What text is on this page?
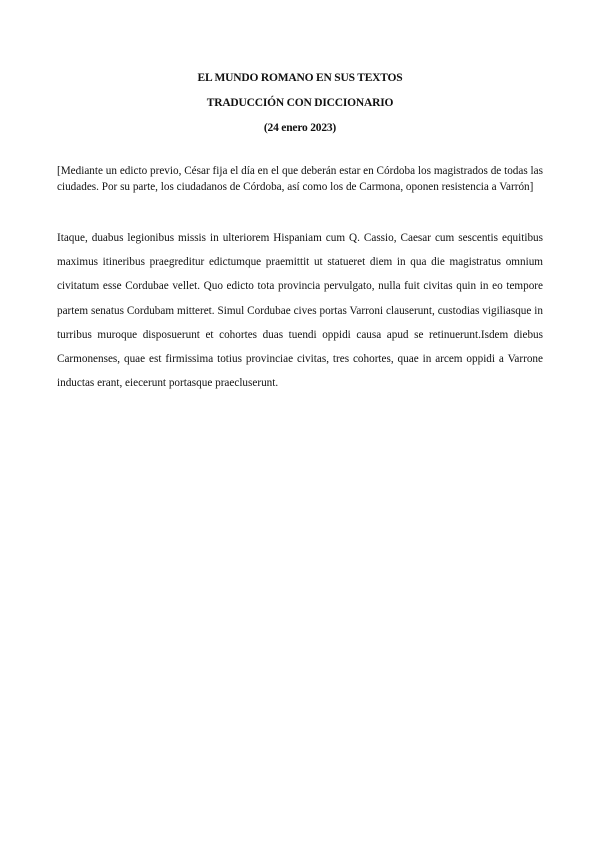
EL MUNDO ROMANO EN SUS TEXTOS
TRADUCCIÓN CON DICCIONARIO
(24 enero 2023)

[Mediante un edicto previo, César fija el día en el que deberán estar en Córdoba los magistrados de todas las ciudades. Por su parte, los ciudadanos de Córdoba, así como los de Carmona, oponen resistencia a Varrón]

Itaque, duabus legionibus missis in ulteriorem Hispaniam cum Q. Cassio, Caesar cum sescentis equitibus maximus itineribus praegreditur edictumque praemittit ut statueret diem in qua die magistratus omnium civitatum esse Cordubae vellet. Quo edicto tota provincia pervulgato, nulla fuit civitas quin in eo tempore partem senatus Cordubam mitteret. Simul Cordubae cives portas Varroni clauserunt, custodias vigiliasque in turribus muroque disposuerunt et cohortes duas tuendi oppidi causa apud se retinuerunt.Isdem diebus Carmonenses, quae est firmissima totius provinciae civitas, tres cohortes, quae in arcem oppidi a Varrone inductas erant, eiecerunt portasque praecluserunt.
